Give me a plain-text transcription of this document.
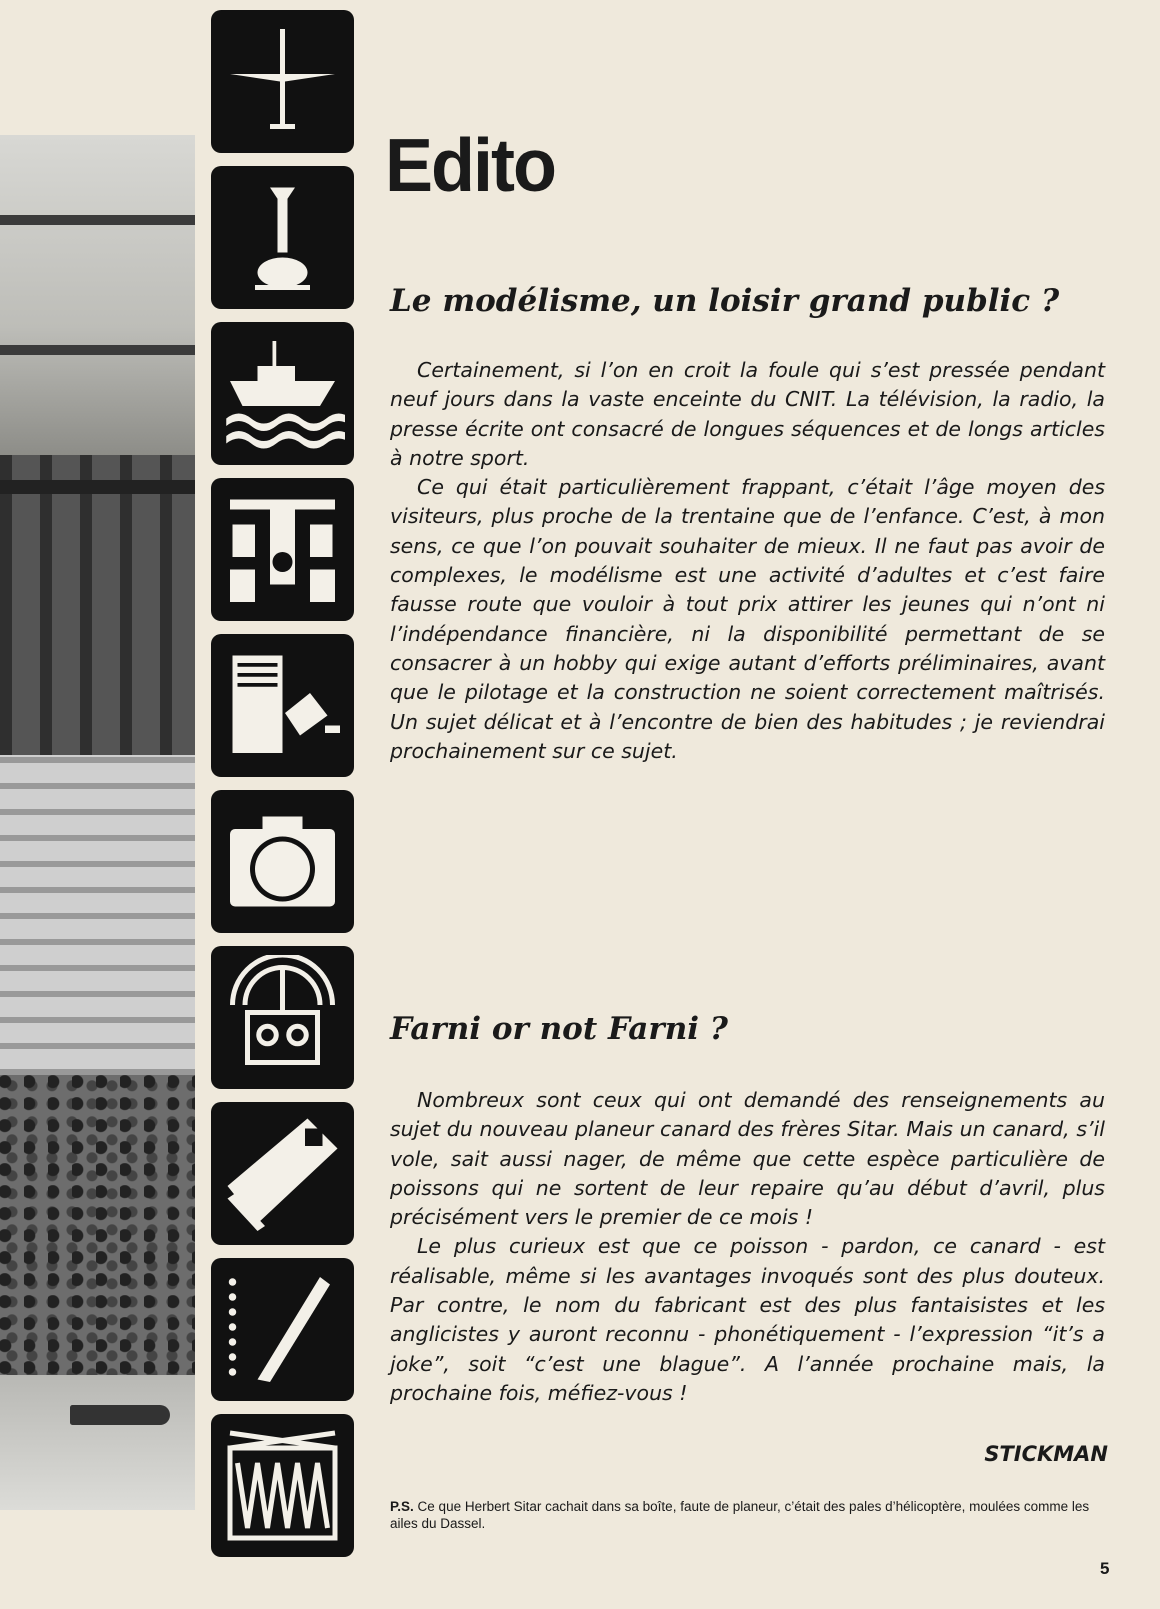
Edito
Le modélisme, un loisir grand public ?

Certainement, si l’on en croit la foule qui s’est pressée pendant neuf jours dans la vaste enceinte du CNIT. La télévision, la radio, la presse écrite ont consacré de longues séquences et de longs articles à notre sport.

Ce qui était particulièrement frappant, c’était l’âge moyen des visiteurs, plus proche de la trentaine que de l’enfance. C’est, à mon sens, ce que l’on pouvait souhaiter de mieux. Il ne faut pas avoir de complexes, le modélisme est une activité d’adultes et c’est faire fausse route que vouloir à tout prix attirer les jeunes qui n’ont ni l’indépendance financière, ni la disponibilité permettant de se consacrer à un hobby qui exige autant d’efforts préliminaires, avant que le pilotage et la construction ne soient correctement maîtrisés. Un sujet délicat et à l’encontre de bien des habitudes ; je reviendrai prochainement sur ce sujet.

Farni or not Farni ?

Nombreux sont ceux qui ont demandé des renseignements au sujet du nouveau planeur canard des frères Sitar. Mais un canard, s’il vole, sait aussi nager, de même que cette espèce particulière de poissons qui ne sortent de leur repaire qu’au début d’avril, plus précisément vers le premier de ce mois !

Le plus curieux est que ce poisson - pardon, ce canard - est réalisable, même si les avantages invoqués sont des plus douteux. Par contre, le nom du fabricant est des plus fantaisistes et les anglicistes y auront reconnu - phonétiquement - l’expression “it’s a joke”, soit “c’est une blague”. A l’année prochaine mais, la prochaine fois, méfiez-vous !

STICKMAN

P.S. Ce que Herbert Sitar cachait dans sa boîte, faute de planeur, c’était des pales d’hélicoptère, moulées comme les ailes du Dassel.

5
